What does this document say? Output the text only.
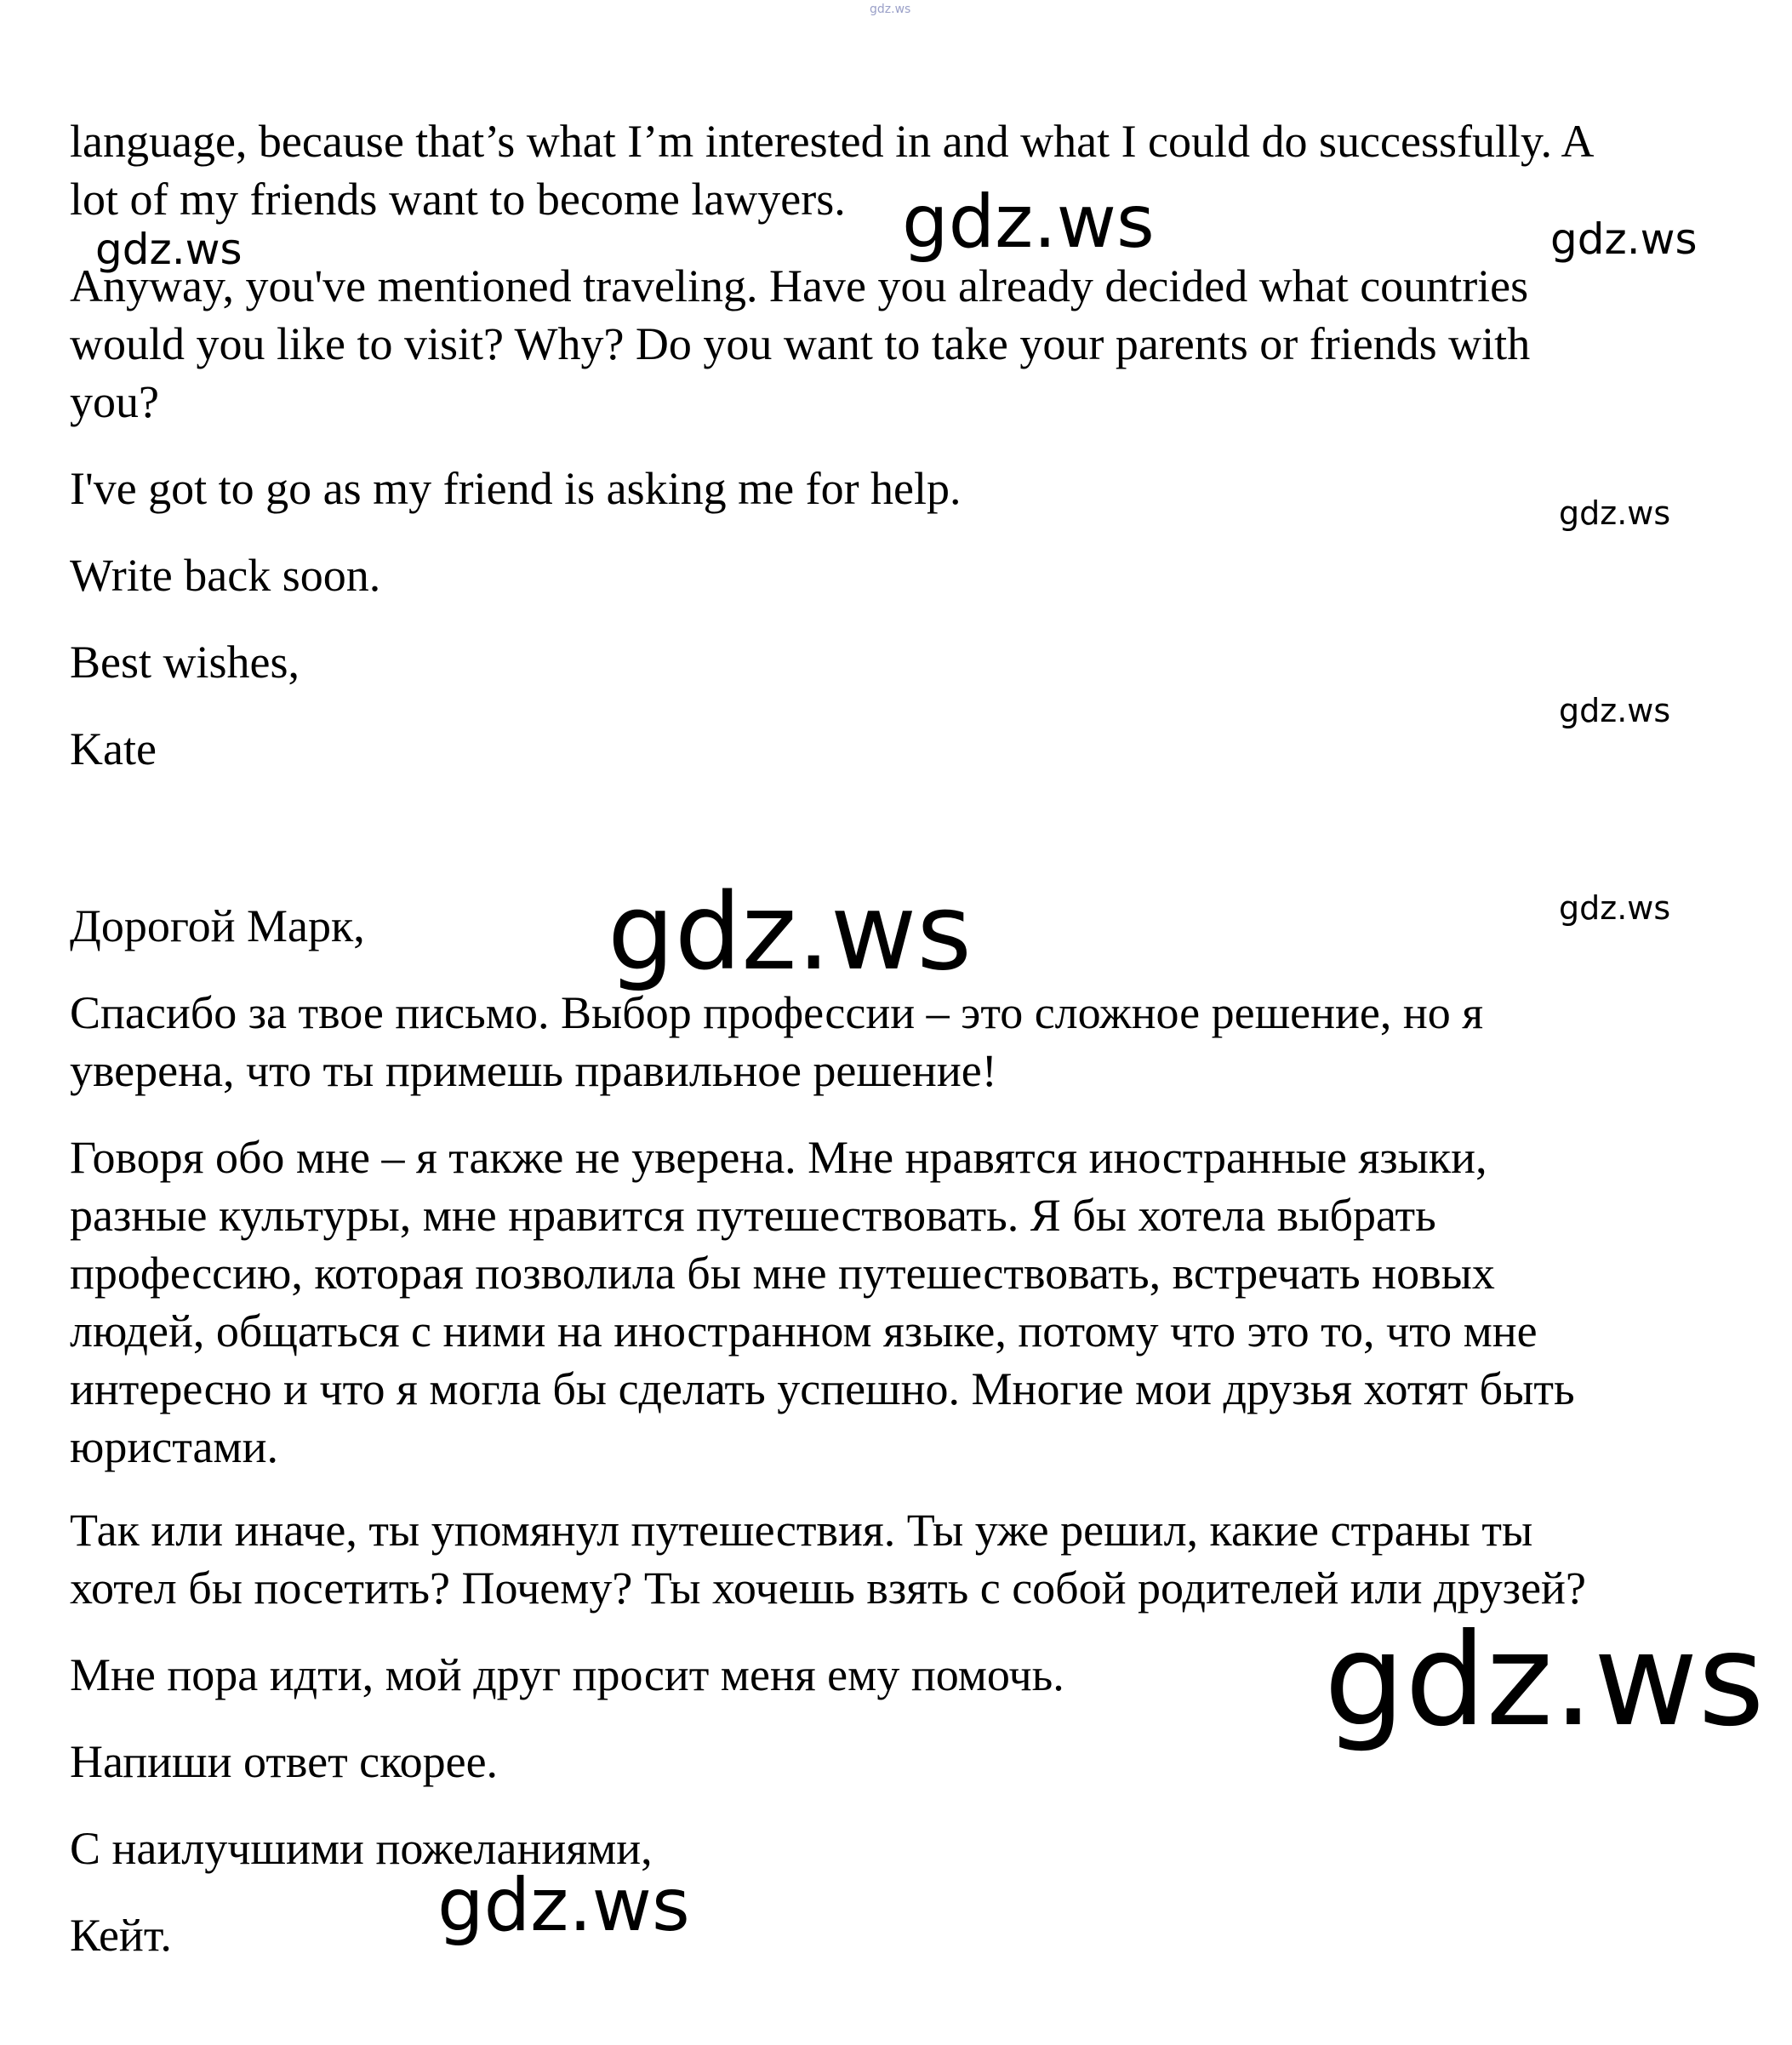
language, because that’s what I’m interested in and what I could do successfully. A
lot of my friends want to become lawyers.

Anyway, you've mentioned traveling. Have you already decided what countries
would you like to visit? Why? Do you want to take your parents or friends with
you?

I've got to go as my friend is asking me for help.

Write back soon.

Best wishes,

Kate

Дорогой Марк,

Спасибо за твое письмо. Выбор профессии – это сложное решение, но я
уверена, что ты примешь правильное решение!

Говоря обо мне – я также не уверена. Мне нравятся иностранные языки,
разные культуры, мне нравится путешествовать. Я бы хотела выбрать
профессию, которая позволила бы мне путешествовать, встречать новых
людей, общаться с ними на иностранном языке, потому что это то, что мне
интересно и что я могла бы сделать успешно. Многие мои друзья хотят быть
юристами.

Так или иначе, ты упомянул путешествия. Ты уже решил, какие страны ты
хотел бы посетить? Почему? Ты хочешь взять с собой родителей или друзей?

Мне пора идти, мой друг просит меня ему помочь.

Напиши ответ скорее.

С наилучшими пожеланиями,

Кейт.

gdz.ws
gdz.ws
gdz.ws	gdz.ws
gdz.ws
gdz.ws
gdz.ws
gdz.ws
gdz.ws
gdz.ws
